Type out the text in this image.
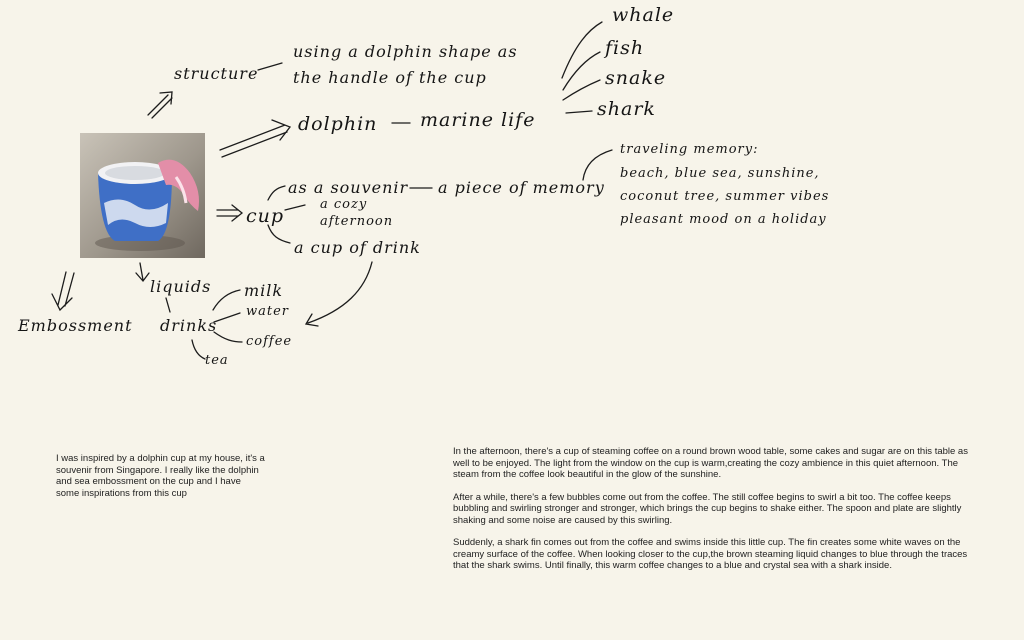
structure
using a dolphin shape as
the handle of the cup
dolphin marine life
whale
fish
snake
shark
cup
as a souvenir a piece of memory
traveling memory:
beach, blue sea, sunshine,
coconut tree, summer vibes
pleasant mood on a holiday
a cozy
afternoon
a cup of drink
liquids
drinks
milk
water
coffee
tea
Embossment

I was inspired by a dolphin cup at my house, it's a souvenir from Singapore. I really like the dolphin and sea embossment on the cup and I have some inspirations from this cup

In the afternoon, there's a cup of steaming coffee on a round brown wood table, some cakes and sugar are on this table as well to be enjoyed. The light from the window on the cup is warm,creating the cozy ambience in this quiet afternoon. The steam from the coffee look beautiful in the glow of the sunshine.

After a while, there's a few bubbles come out from the coffee. The still coffee begins to swirl a bit too. The coffee keeps bubbling and swirling stronger and stronger, which brings the cup begins to shake either. The spoon and plate are slightly shaking and some noise are caused by this swirling.

Suddenly, a shark fin comes out from the coffee and swims inside this little cup. The fin creates some white waves on the creamy surface of the coffee. When looking closer to the cup,the brown steaming liquid changes to blue through the traces that the shark swims. Until finally, this warm coffee changes to a blue and crystal sea with a shark inside.
